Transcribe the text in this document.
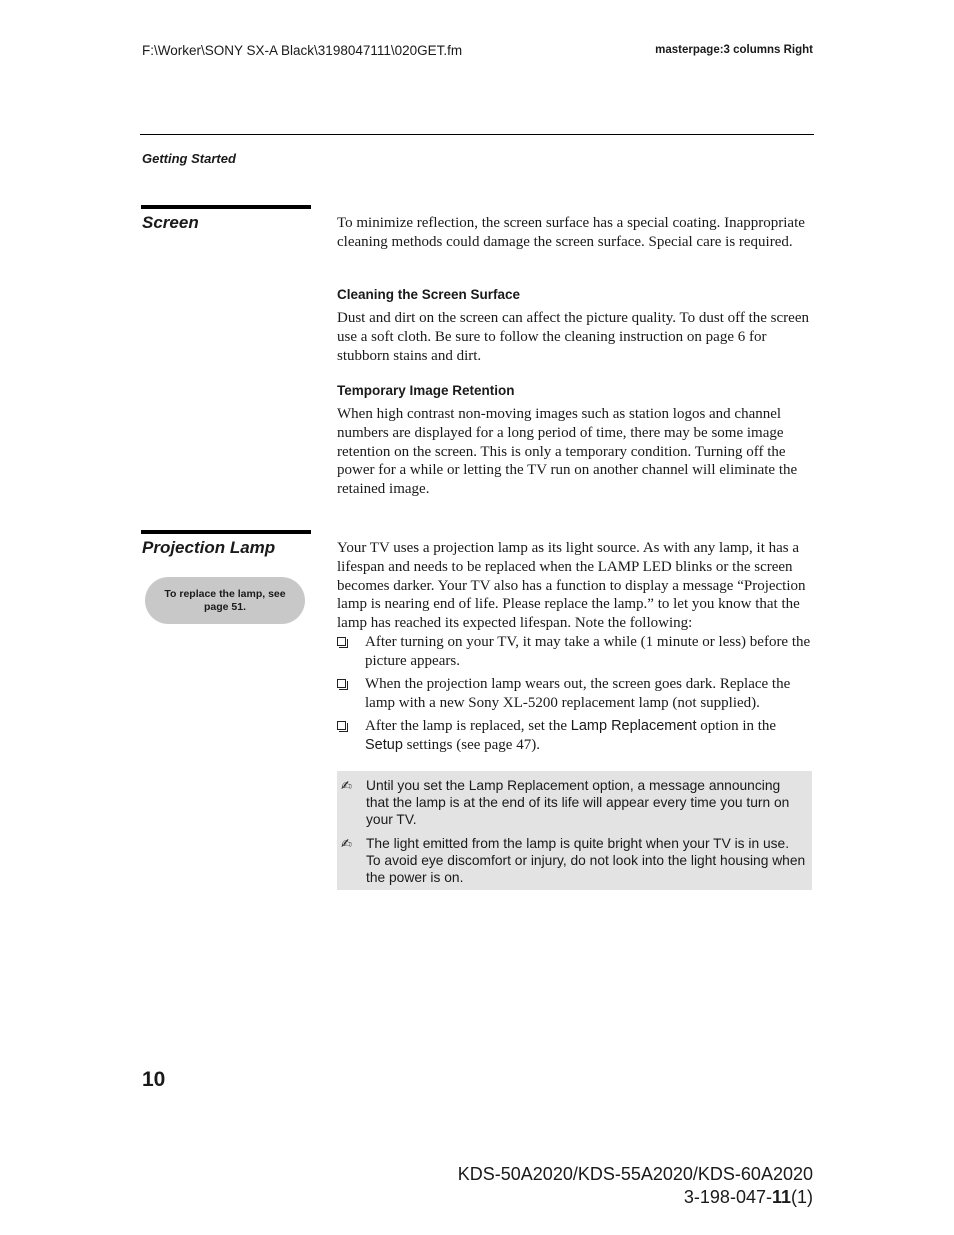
F:\Worker\SONY SX-A Black\3198047111\020GET.fm	masterpage:3 columns Right
Getting Started
Screen	To minimize reflection, the screen surface has a special coating. Inappropriate cleaning methods could damage the screen surface. Special care is required.
Cleaning the Screen Surface
Dust and dirt on the screen can affect the picture quality. To dust off the screen use a soft cloth. Be sure to follow the cleaning instruction on page 6 for stubborn stains and dirt.
Temporary Image Retention
When high contrast non-moving images such as station logos and channel numbers are displayed for a long period of time, there may be some image retention on the screen. This is only a temporary condition. Turning off the power for a while or letting the TV run on another channel will eliminate the retained image.
Projection Lamp
To replace the lamp, see page 51.
Your TV uses a projection lamp as its light source. As with any lamp, it has a lifespan and needs to be replaced when the LAMP LED blinks or the screen becomes darker. Your TV also has a function to display a message “Projection lamp is nearing end of life. Please replace the lamp.” to let you know that the lamp has reached its expected lifespan. Note the following:
After turning on your TV, it may take a while (1 minute or less) before the picture appears.
When the projection lamp wears out, the screen goes dark. Replace the lamp with a new Sony XL-5200 replacement lamp (not supplied).
After the lamp is replaced, set the Lamp Replacement option in the Setup settings (see page 47).
✍ Until you set the Lamp Replacement option, a message announcing that the lamp is at the end of its life will appear every time you turn on your TV.
✍ The light emitted from the lamp is quite bright when your TV is in use. To avoid eye discomfort or injury, do not look into the light housing when the power is on.
10
KDS-50A2020/KDS-55A2020/KDS-60A2020
3-198-047-11(1)
